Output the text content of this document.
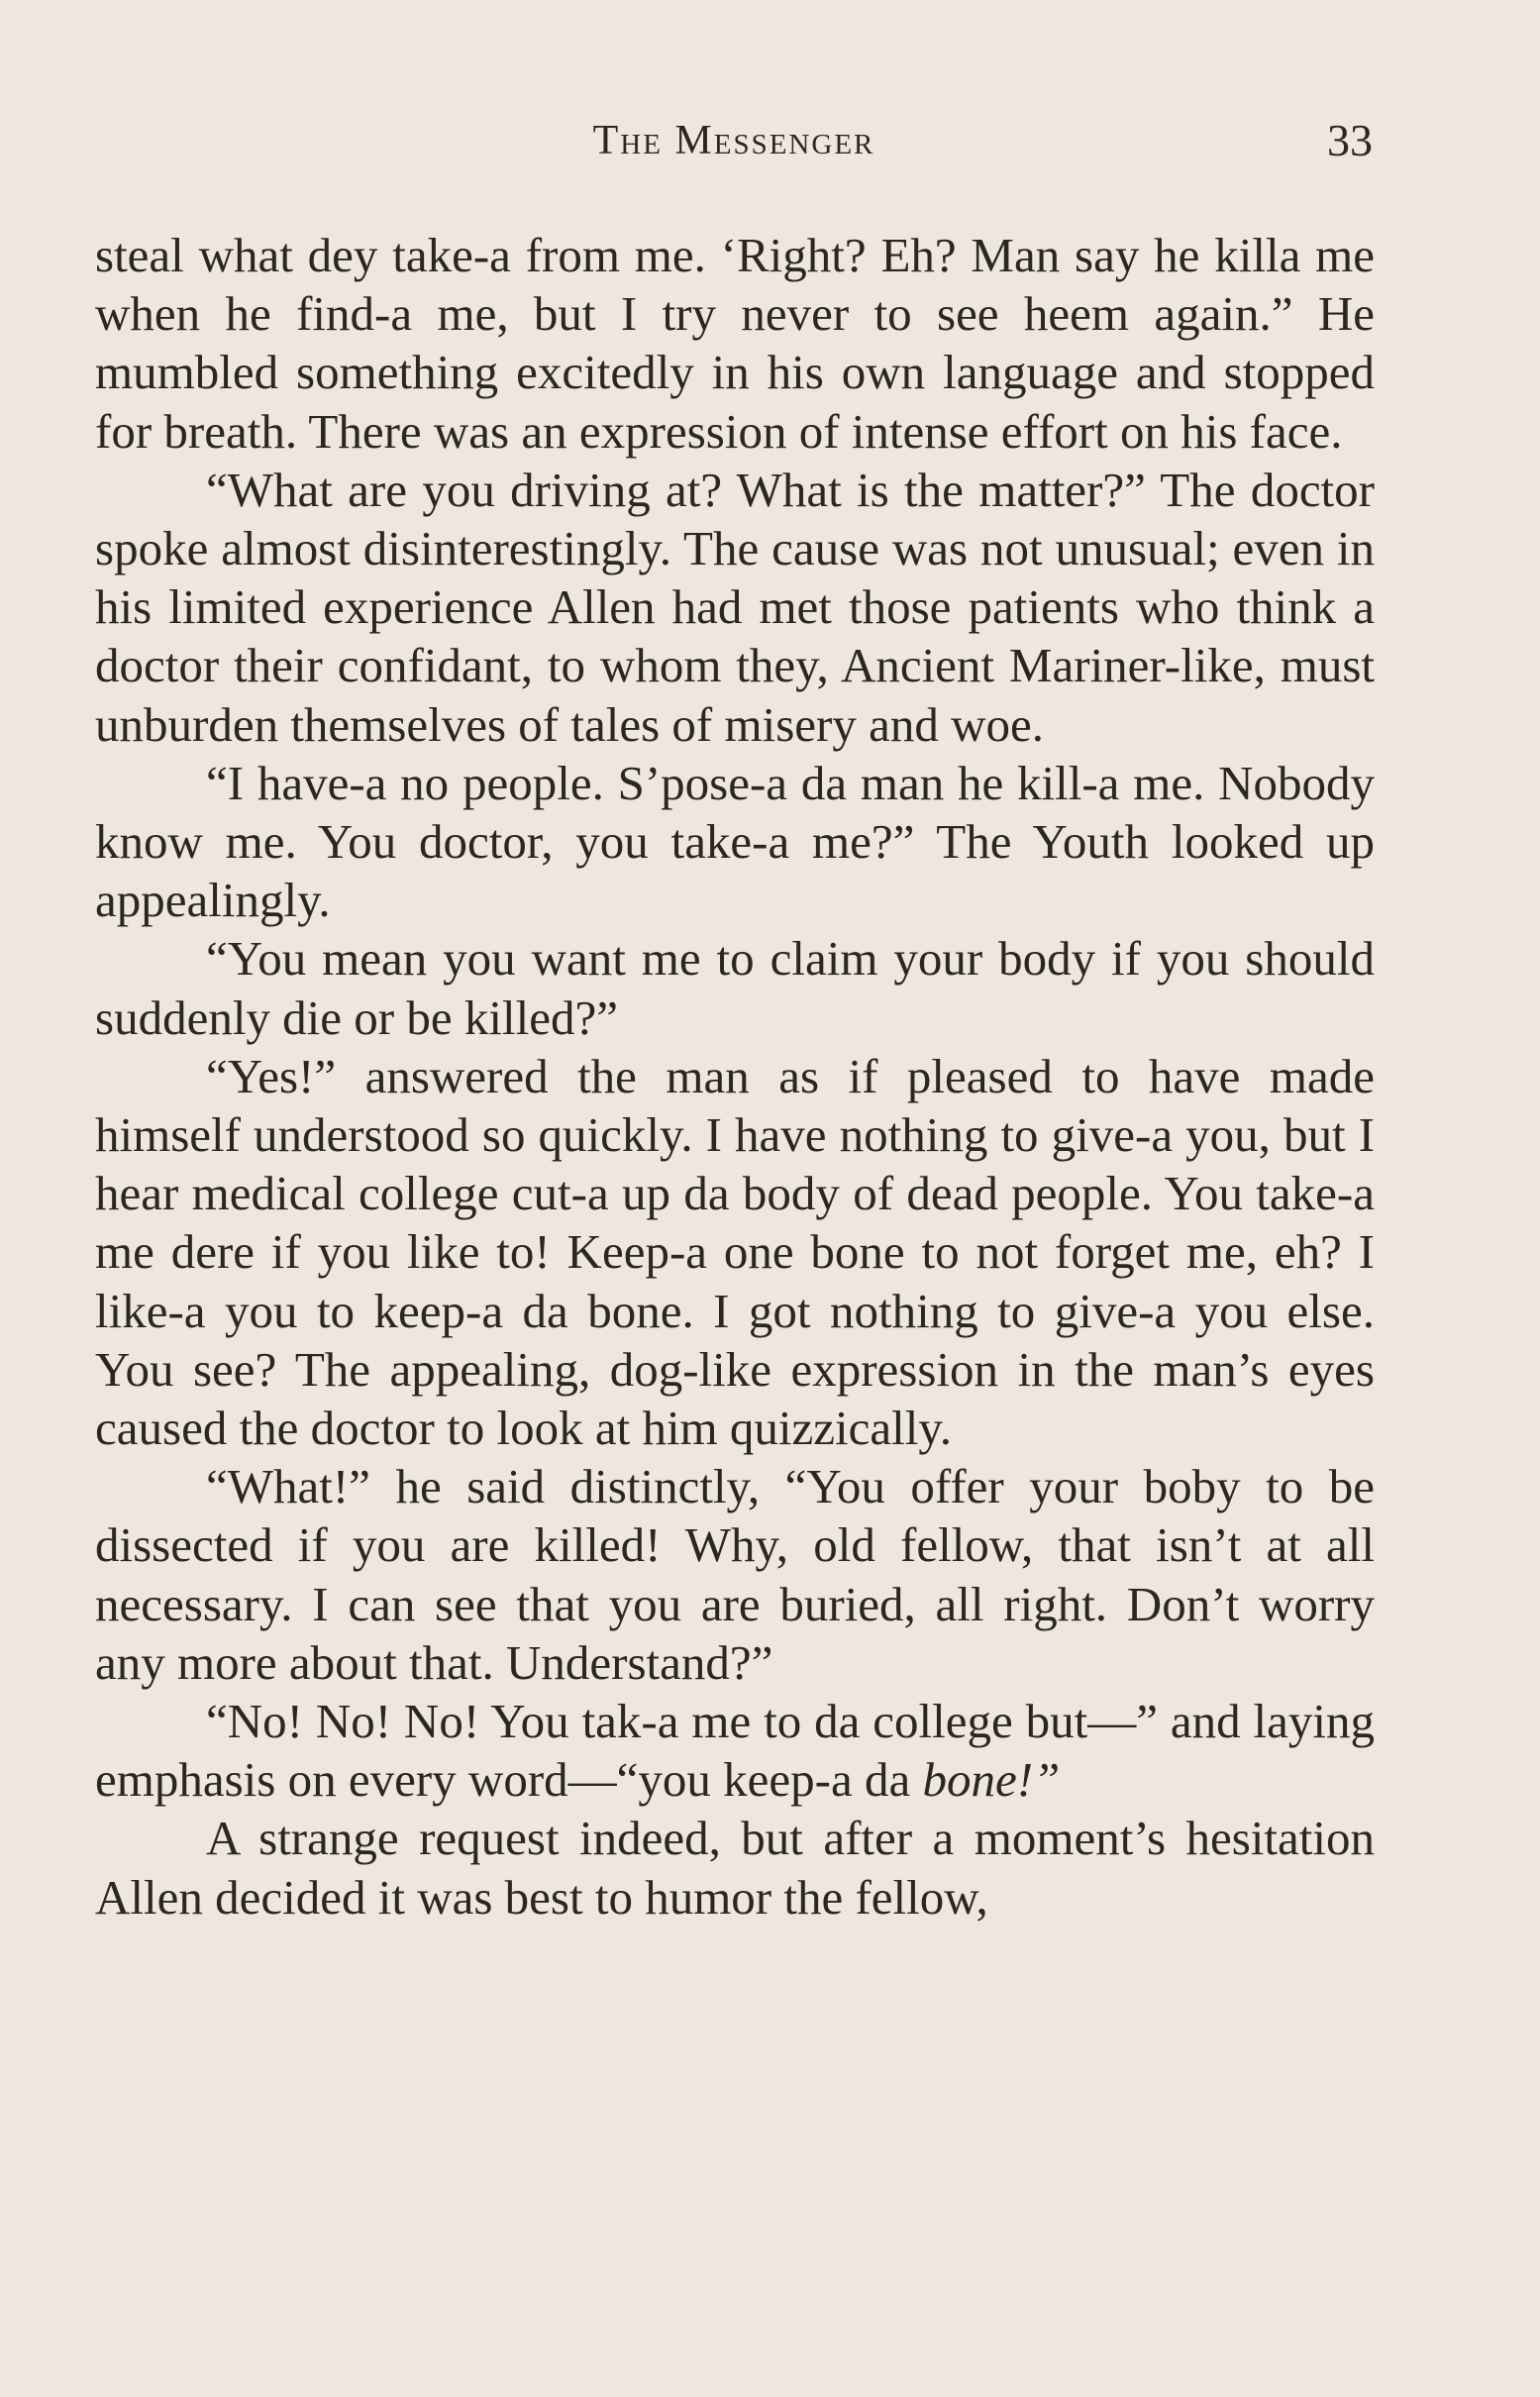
The Messenger	33

steal what dey take-a from me. ‘Right? Eh? Man say he killa me when he find-a me, but I try never to see heem again.” He mumbled something excitedly in his own language and stopped for breath. There was an expression of intense effort on his face.

“What are you driving at? What is the matter?” The doctor spoke almost disinterestingly. The cause was not unusual; even in his limited experience Allen had met those patients who think a doctor their confidant, to whom they, Ancient Mariner-like, must unburden themselves of tales of misery and woe.

“I have-a no people. S’pose-a da man he kill-a me. Nobody know me. You doctor, you take-a me?” The Youth looked up appealingly.

“You mean you want me to claim your body if you should suddenly die or be killed?”

“Yes!” answered the man as if pleased to have made himself understood so quickly. I have nothing to give-a you, but I hear medical college cut-a up da body of dead people. You take-a me dere if you like to! Keep-a one bone to not forget me, eh? I like-a you to keep-a da bone. I got nothing to give-a you else. You see? The appealing, dog-like expression in the man’s eyes caused the doctor to look at him quizzically.

“What!” he said distinctly, “You offer your boby to be dissected if you are killed! Why, old fellow, that isn’t at all necessary. I can see that you are buried, all right. Don’t worry any more about that. Understand?”

“No! No! No! You tak-a me to da college but—” and laying emphasis on every word—“you keep-a da bone!”

A strange request indeed, but after a moment’s hesitation Allen decided it was best to humor the fellow,
